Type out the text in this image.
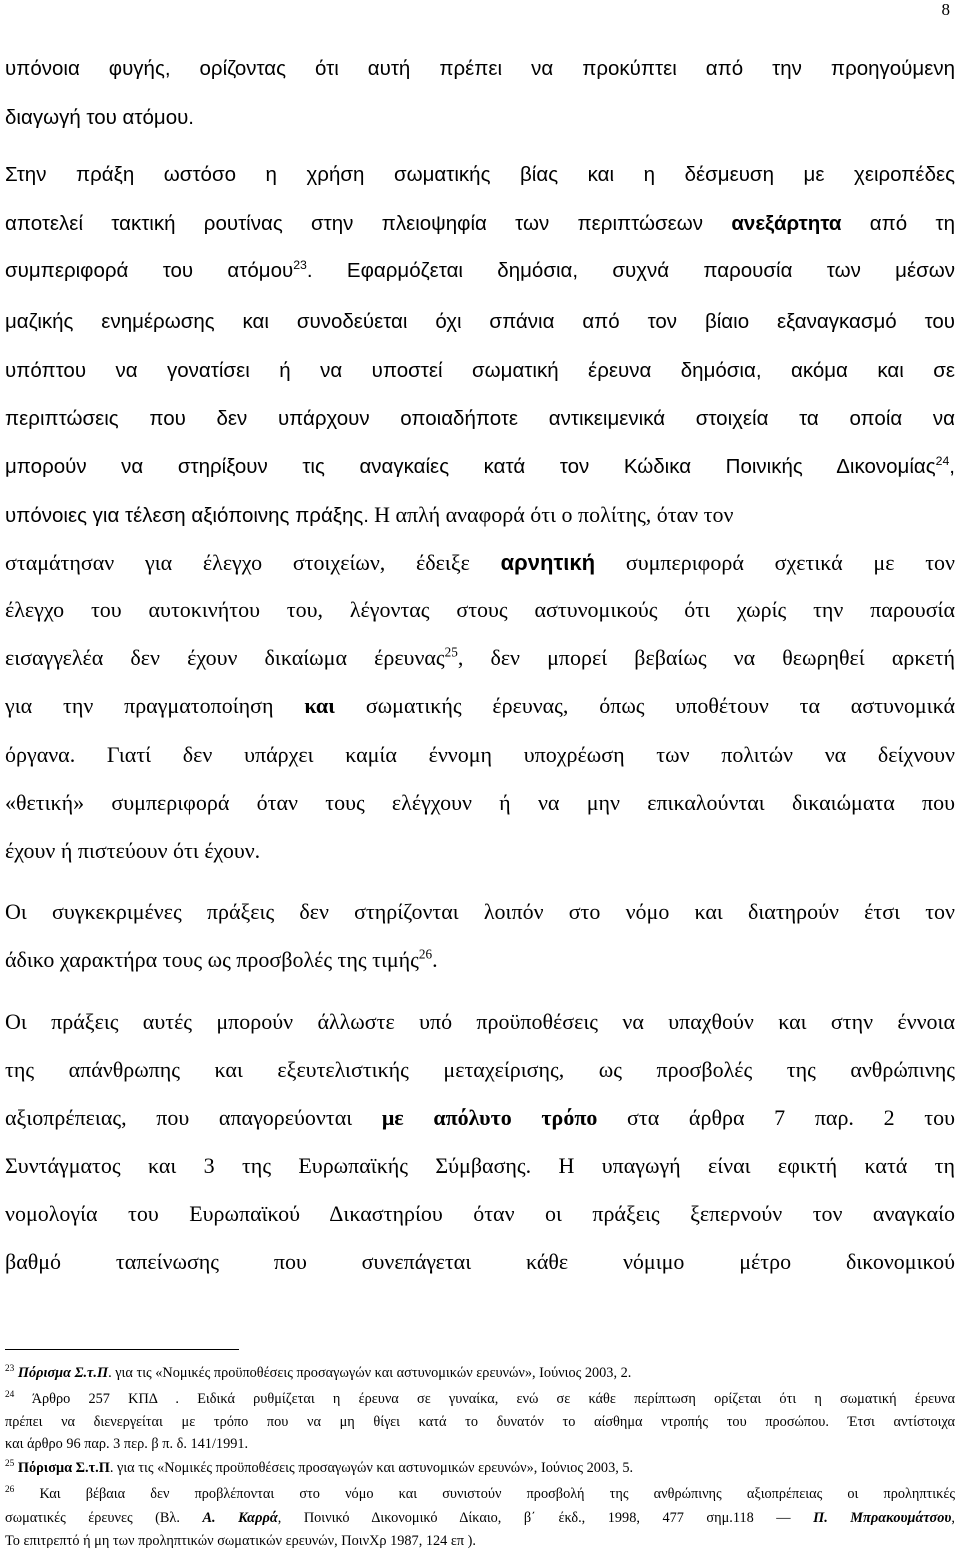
8
υπόνοια φυγής, ορίζοντας ότι αυτή πρέπει να προκύπτει από την προηγούμενη
διαγωγή του ατόμου.
Στην πράξη ωστόσο η χρήση σωματικής βίας και η δέσμευση με χειροπέδες
αποτελεί τακτική ρουτίνας στην πλειοψηφία των περιπτώσεων ανεξάρτητα από τη
συμπεριφορά του ατόμου$^{23}$. Εφαρμόζεται δημόσια, συχνά παρουσία των μέσων
μαζικής ενημέρωσης και συνοδεύεται όχι σπάνια από τον βίαιο εξαναγκασμό του
υπόπτου να γονατίσει ή να υποστεί σωματική έρευνα δημόσια, ακόμα και σε
περιπτώσεις που δεν υπάρχουν οποιαδήποτε αντικειμενικά στοιχεία τα οποία να
μπορούν να στηρίξουν τις αναγκαίες κατά τον Κώδικα Ποινικής Δικονομίας$^{24}$,
υπόνοιες για τέλεση αξιόποινης πράξης. Η απλή αναφορά ότι ο πολίτης, όταν τον
σταμάτησαν για έλεγχο στοιχείων, έδειξε αρνητική συμπεριφορά σχετικά με τον
έλεγχο του αυτοκινήτου του, λέγοντας στους αστυνομικούς ότι χωρίς την παρουσία
εισαγγελέα δεν έχουν δικαίωμα έρευνας$^{25}$, δεν μπορεί βεβαίως να θεωρηθεί αρκετή
για την πραγματοποίηση και σωματικής έρευνας, όπως υποθέτουν τα αστυνομικά
όργανα. Γιατί δεν υπάρχει καμία έννομη υποχρέωση των πολιτών να δείχνουν
«θετική» συμπεριφορά όταν τους ελέγχουν ή να μην επικαλούνται δικαιώματα που
έχουν ή πιστεύουν ότι έχουν.
Οι συγκεκριμένες πράξεις δεν στηρίζονται λοιπόν στο νόμο και διατηρούν έτσι τον
άδικο χαρακτήρα τους ως προσβολές της τιμής$^{26}$.
Οι πράξεις αυτές μπορούν άλλωστε υπό προϋποθέσεις να υπαχθούν και στην έννοια
της απάνθρωπης και εξευτελιστικής μεταχείρισης, ως προσβολές της ανθρώπινης
αξιοπρέπειας, που απαγορεύονται με απόλυτο τρόπο στα άρθρα 7 παρ. 2 του
Συντάγματος και 3 της Ευρωπαϊκής Σύμβασης. Η υπαγωγή είναι εφικτή κατά τη
νομολογία του Ευρωπαϊκού Δικαστηρίου όταν οι πράξεις ξεπερνούν τον αναγκαίο
βαθμό ταπείνωσης που συνεπάγεται κάθε νόμιμο μέτρο δικονομικού
$^{23}$ Πόρισμα Σ.τ.Π. για τις «Νομικές προϋποθέσεις προσαγωγών και αστυνομικών ερευνών», Ιούνιος 2003, 2.
$^{24}$ Άρθρο 257 ΚΠΔ . Ειδικά ρυθμίζεται η έρευνα σε γυναίκα, ενώ σε κάθε περίπτωση ορίζεται ότι η σωματική έρευνα
πρέπει να διενεργείται με τρόπο που να μη θίγει κατά το δυνατόν το αίσθημα ντροπής του προσώπου. Έτσι αντίστοιχα
και άρθρο 96 παρ. 3 περ. β π. δ. 141/1991.
$^{25}$ Πόρισμα Σ.τ.Π. για τις «Νομικές προϋποθέσεις προσαγωγών και αστυνομικών ερευνών», Ιούνιος 2003, 5.
$^{26}$ Και βέβαια δεν προβλέπονται στο νόμο και συνιστούν προσβολή της ανθρώπινης αξιοπρέπειας οι προληπτικές
σωματικές έρευνες (Βλ. Α. Καρρά, Ποινικό Δικονομικό Δίκαιο, β΄ έκδ., 1998, 477 σημ.118 — Π. Μπρακουμάτσου,
Το επιτρεπτό ή μη των προληπτικών σωματικών ερευνών, ΠοινΧρ 1987, 124 επ ).
